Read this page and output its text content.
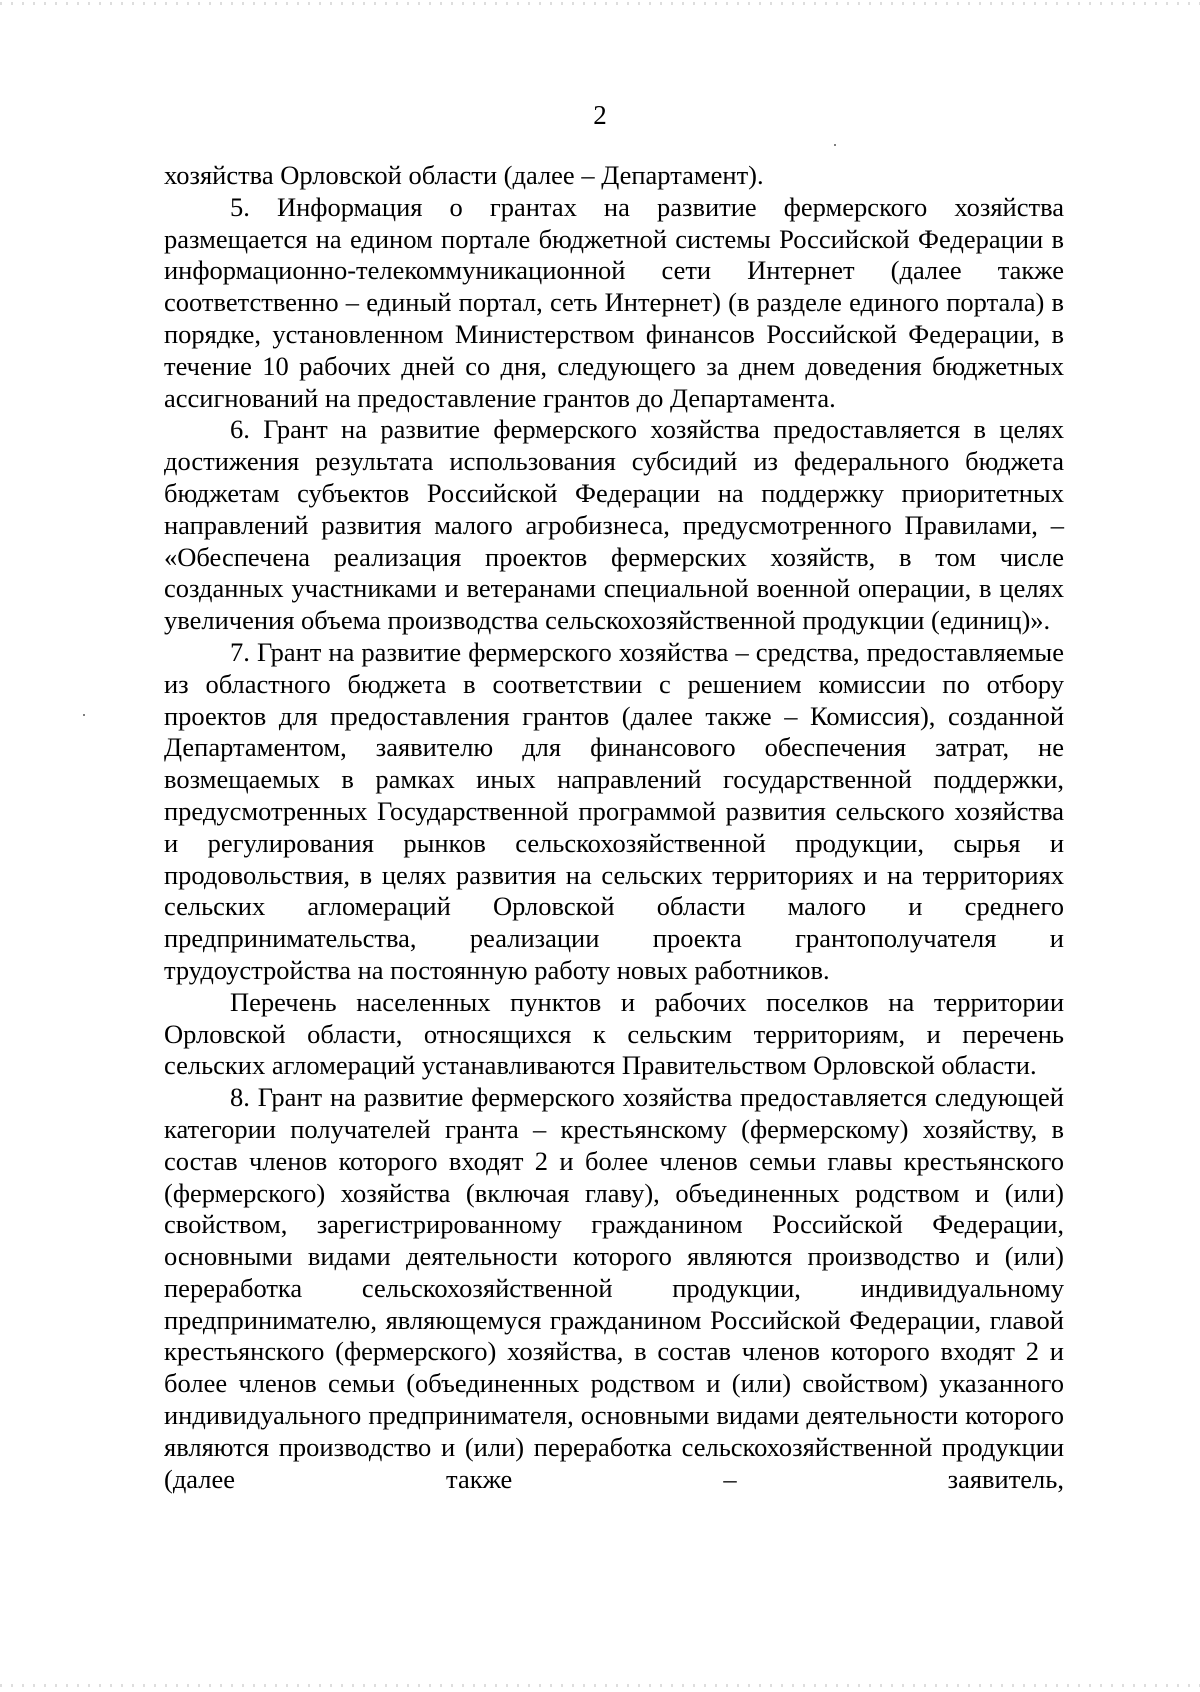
2

хозяйства Орловской области (далее – Департамент).

5. Информация о грантах на развитие фермерского хозяйства размещается на едином портале бюджетной системы Российской Федерации в информационно-телекоммуникационной сети Интернет (далее также соответственно – единый портал, сеть Интернет) (в разделе единого портала) в порядке, установленном Министерством финансов Российской Федерации, в течение 10 рабочих дней со дня, следующего за днем доведения бюджетных ассигнований на предоставление грантов до Департамента.

6. Грант на развитие фермерского хозяйства предоставляется в целях достижения результата использования субсидий из федерального бюджета бюджетам субъектов Российской Федерации на поддержку приоритетных направлений развития малого агробизнеса, предусмотренного Правилами, – «Обеспечена реализация проектов фермерских хозяйств, в том числе созданных участниками и ветеранами специальной военной операции, в целях увеличения объема производства сельскохозяйственной продукции (единиц)».

7. Грант на развитие фермерского хозяйства – средства, предоставляемые из областного бюджета в соответствии с решением комиссии по отбору проектов для предоставления грантов (далее также – Комиссия), созданной Департаментом, заявителю для финансового обеспечения затрат, не возмещаемых в рамках иных направлений государственной поддержки, предусмотренных Государственной программой развития сельского хозяйства и регулирования рынков сельскохозяйственной продукции, сырья и продовольствия, в целях развития на сельских территориях и на территориях сельских агломераций Орловской области малого и среднего предпринимательства, реализации проекта грантополучателя и трудоустройства на постоянную работу новых работников.

Перечень населенных пунктов и рабочих поселков на территории Орловской области, относящихся к сельским территориям, и перечень сельских агломераций устанавливаются Правительством Орловской области.

8. Грант на развитие фермерского хозяйства предоставляется следующей категории получателей гранта – крестьянскому (фермерскому) хозяйству, в состав членов которого входят 2 и более членов семьи главы крестьянского (фермерского) хозяйства (включая главу), объединенных родством и (или) свойством, зарегистрированному гражданином Российской Федерации, основными видами деятельности которого являются производство и (или) переработка сельскохозяйственной продукции, индивидуальному предпринимателю, являющемуся гражданином Российской Федерации, главой крестьянского (фермерского) хозяйства, в состав членов которого входят 2 и более членов семьи (объединенных родством и (или) свойством) указанного индивидуального предпринимателя, основными видами деятельности которого являются производство и (или) переработка сельскохозяйственной продукции (далее также – заявитель,
